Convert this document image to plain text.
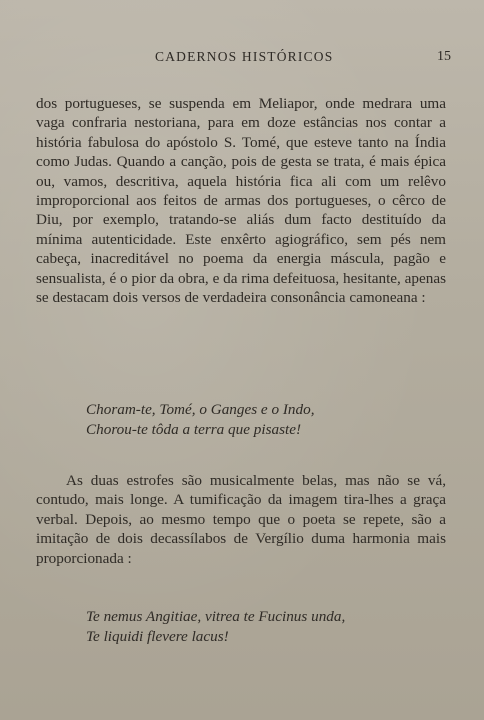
CADERNOS HISTÓRICOS	15
dos portugueses, se suspenda em Meliapor, onde medrara uma vaga confraria nestoriana, para em doze estâncias nos contar a história fabulosa do apóstolo S. Tomé, que esteve tanto na Índia como Judas. Quando a canção, pois de gesta se trata, é mais épica ou, vamos, descritiva, aquela história fica ali com um relêvo improporcional aos feitos de armas dos portugueses, o cêrco de Diu, por exemplo, tratando-se aliás dum facto destituído da mínima autenticidade. Este enxêrto agiográfico, sem pés nem cabeça, inacreditável no poema da energia máscula, pagão e sensualista, é o pior da obra, e da rima defeituosa, hesitante, apenas se destacam dois versos de verdadeira consonância camoneana :
Choram-te, Tomé, o Ganges e o Indo,
Chorou-te tôda a terra que pisaste!
As duas estrofes são musicalmente belas, mas não se vá, contudo, mais longe. A tumificação da imagem tira-lhes a graça verbal. Depois, ao mesmo tempo que o poeta se repete, são a imitação de dois decassílabos de Vergílio duma harmonia mais proporcionada :
Te nemus Angitiae, vitrea te Fucinus unda,
Te liquidi flevere lacus!
